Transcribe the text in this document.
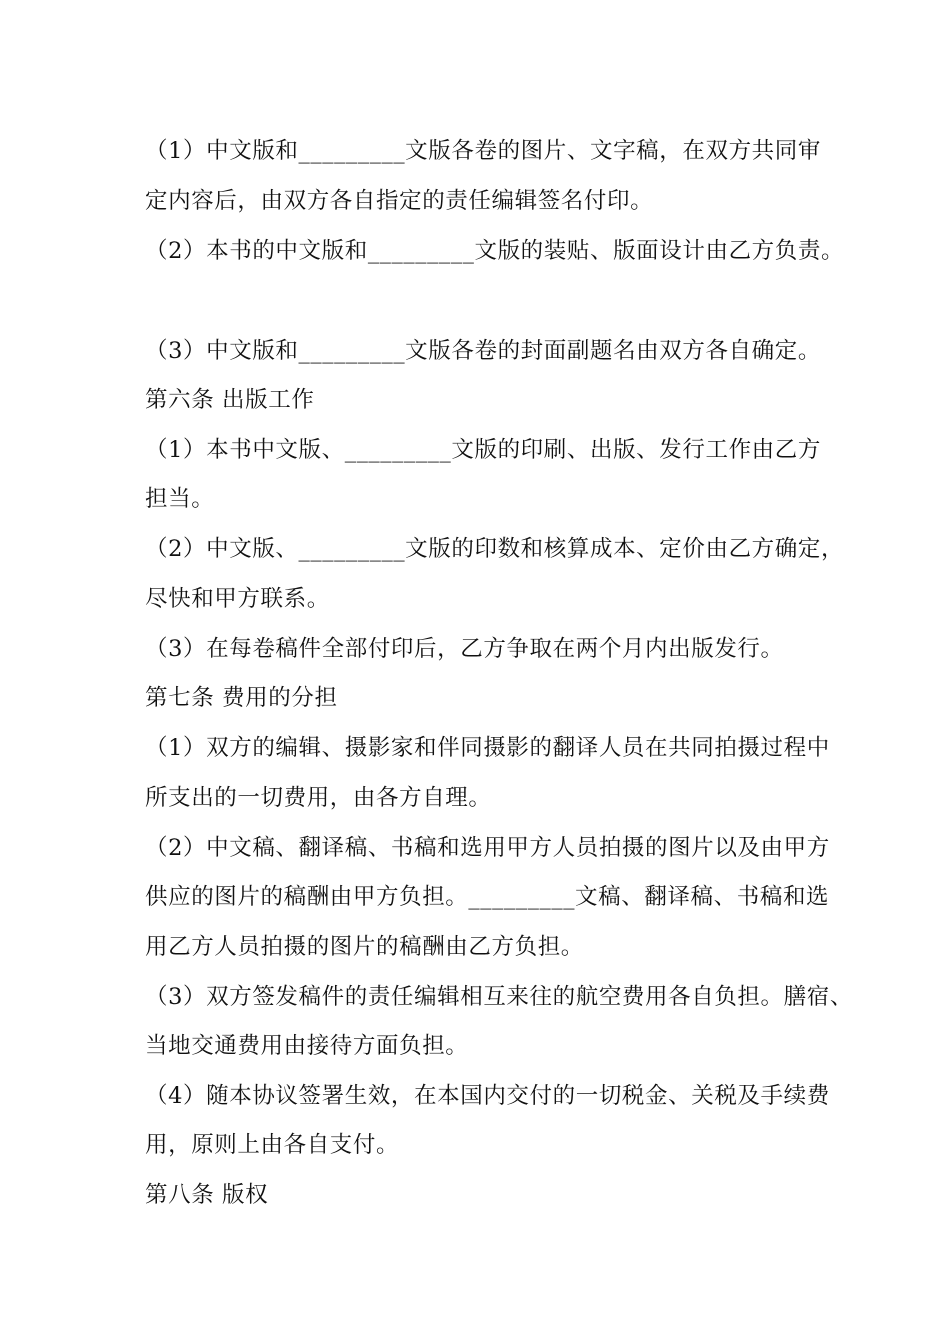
（1）中文版和_________文版各卷的图片、文字稿，在双方共同审
定内容后，由双方各自指定的责任编辑签名付印。
（2）本书的中文版和_________文版的装贴、版面设计由乙方负责。
（3）中文版和_________文版各卷的封面副题名由双方各自确定。
第六条 出版工作
（1）本书中文版、_________文版的印刷、出版、发行工作由乙方
担当。
（2）中文版、_________文版的印数和核算成本、定价由乙方确定，
尽快和甲方联系。
（3）在每卷稿件全部付印后，乙方争取在两个月内出版发行。
第七条 费用的分担
（1）双方的编辑、摄影家和伴同摄影的翻译人员在共同拍摄过程中
所支出的一切费用，由各方自理。
（2）中文稿、翻译稿、书稿和选用甲方人员拍摄的图片以及由甲方
供应的图片的稿酬由甲方负担。_________文稿、翻译稿、书稿和选
用乙方人员拍摄的图片的稿酬由乙方负担。
（3）双方签发稿件的责任编辑相互来往的航空费用各自负担。膳宿、
当地交通费用由接待方面负担。
（4）随本协议签署生效，在本国内交付的一切税金、关税及手续费
用，原则上由各自支付。
第八条 版权
